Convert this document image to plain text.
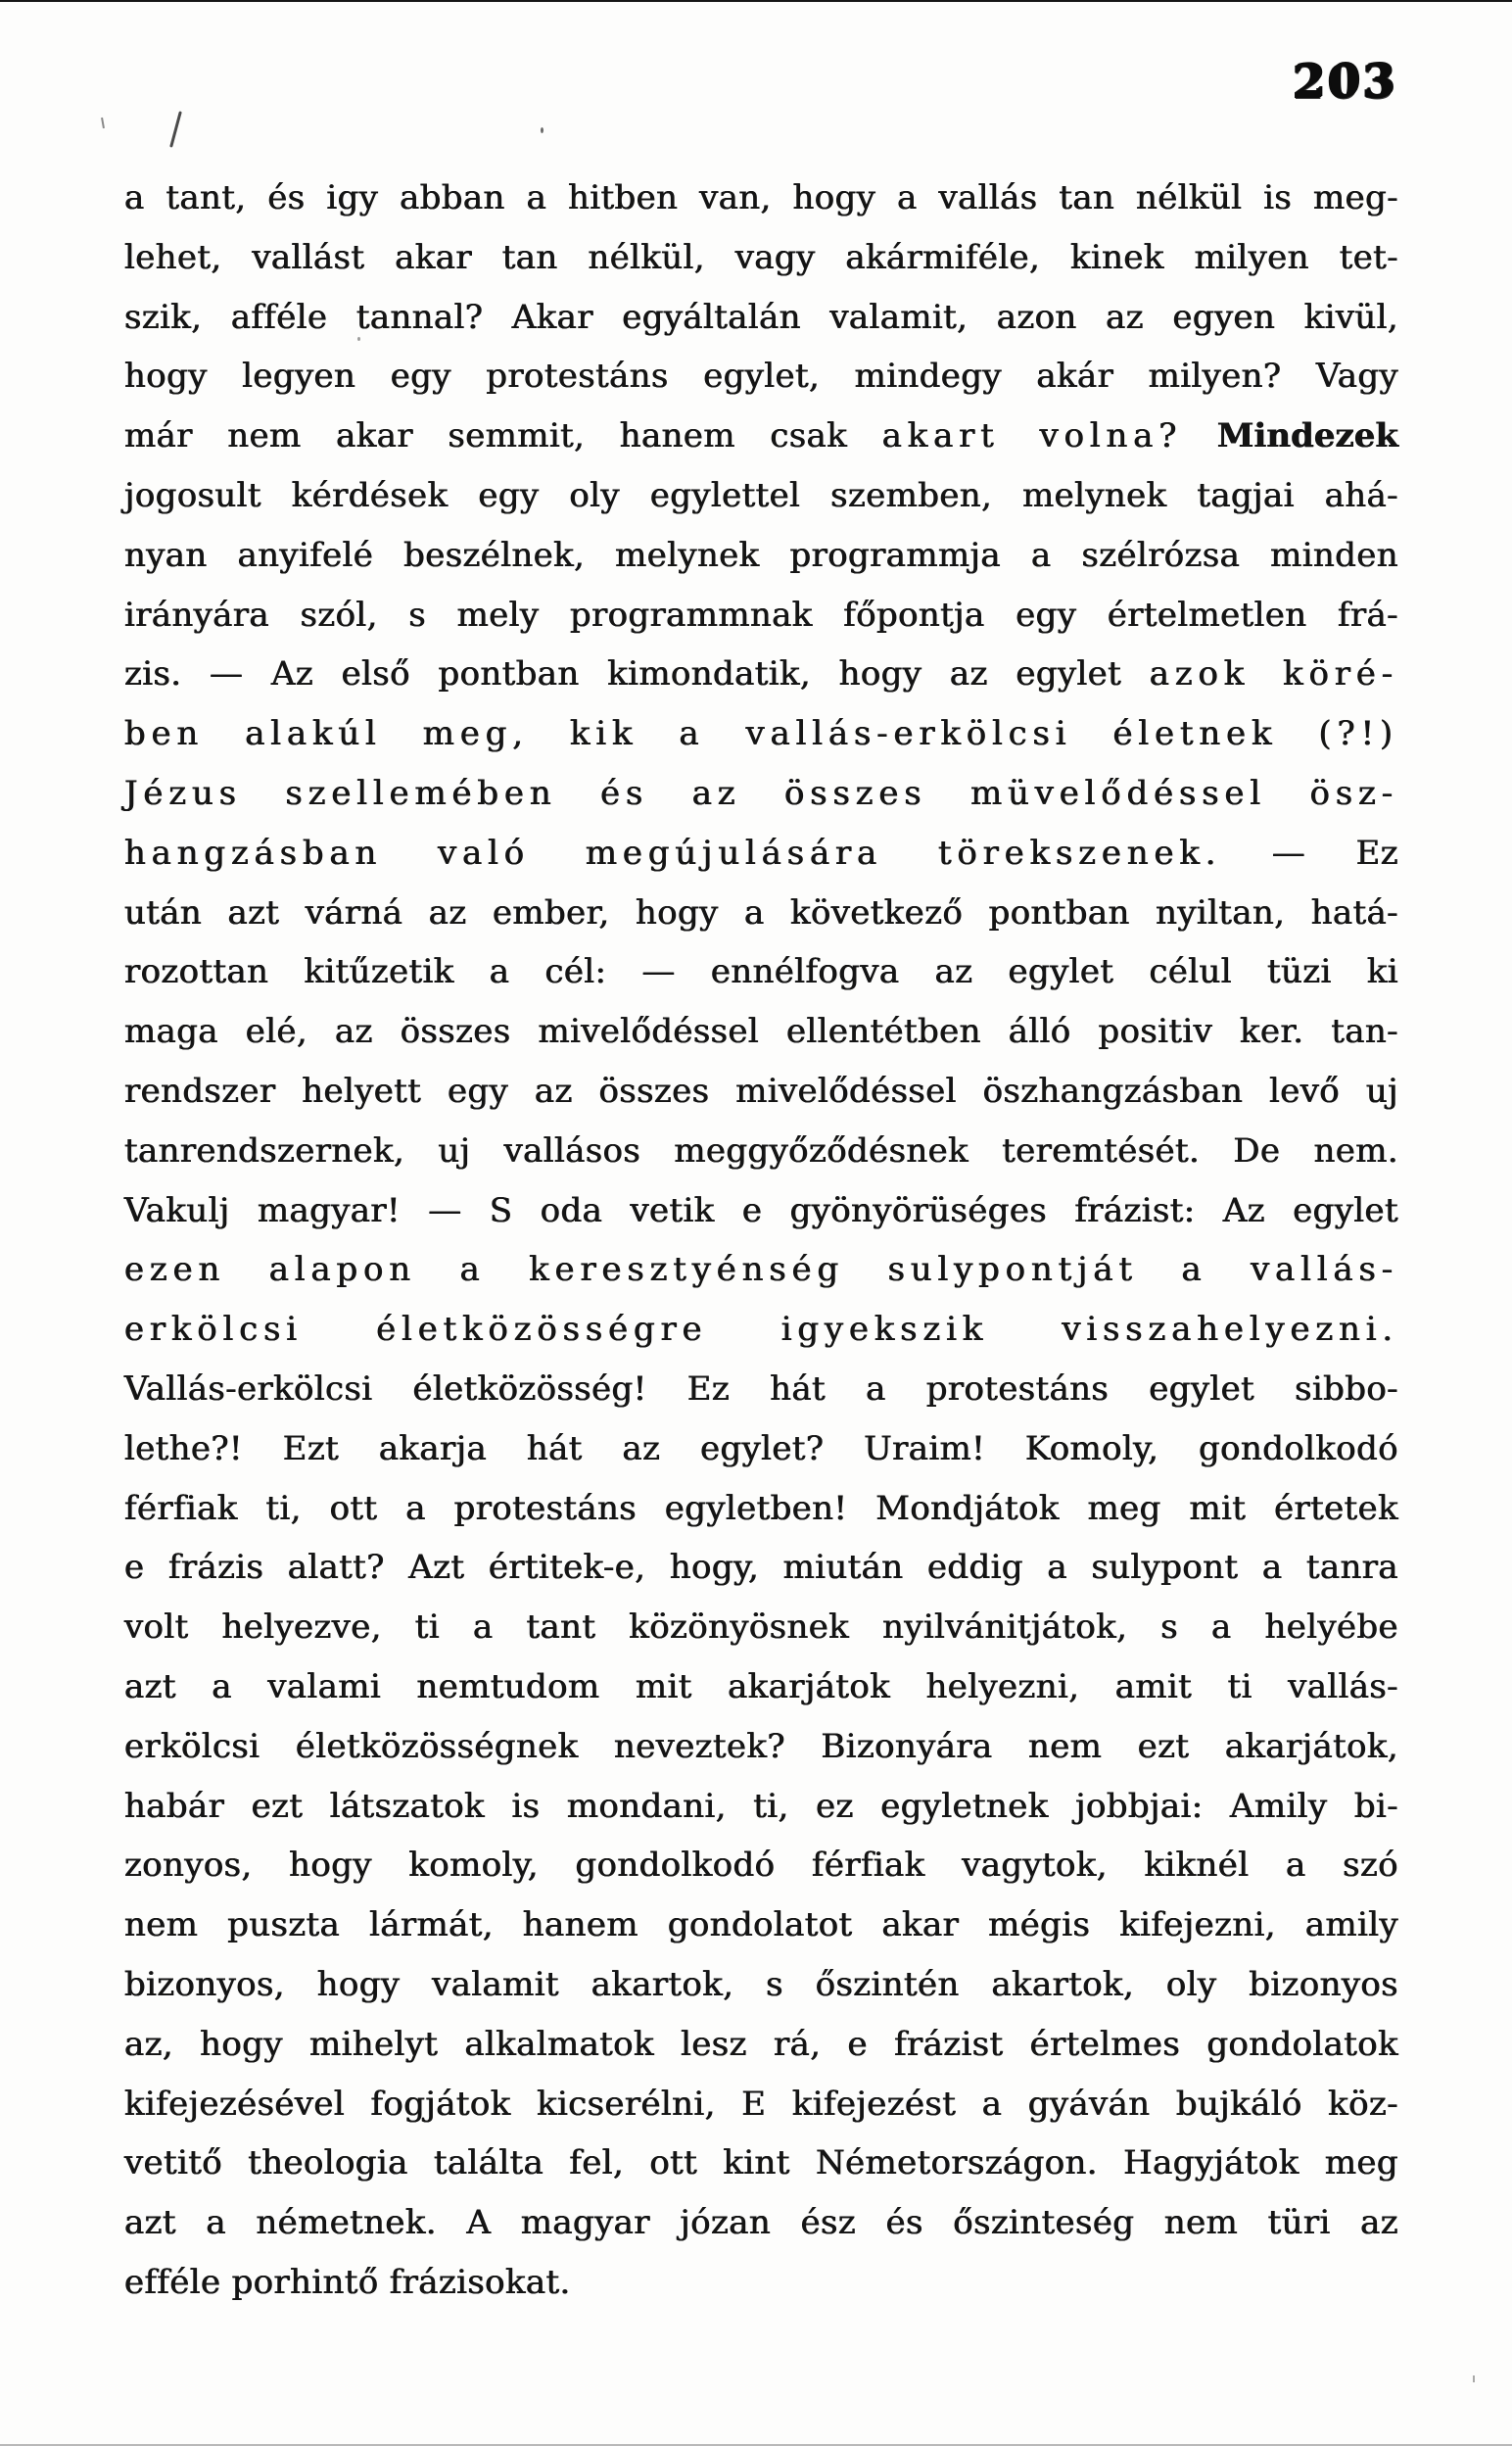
203
a tant, és igy abban a hitben van, hogy a vallás tan nélkül is meg-
lehet, vallást akar tan nélkül, vagy akármiféle, kinek milyen tet-
szik, afféle tannal? Akar egyáltalán valamit, azon az egyen kivül,
hogy legyen egy protestáns egylet, mindegy akár milyen? Vagy
már nem akar semmit, hanem csak akart volna? Mindezek
jogosult kérdések egy oly egylettel szemben, melynek tagjai ahá-
nyan anyifelé beszélnek, melynek programmja a szélrózsa minden
irányára szól, s mely programmnak főpontja egy értelmetlen frá-
zis. — Az első pontban kimondatik, hogy az egylet azok köré-
ben alakúl meg, kik a vallás-erkölcsi életnek (?!)
Jézus szellemében és az összes müvelődéssel ösz-
hangzásban való megújulására törekszenek. — Ez
után azt várná az ember, hogy a következő pontban nyiltan, hatá-
rozottan kitűzetik a cél: — ennélfogva az egylet célul tüzi ki
maga elé, az összes mivelődéssel ellentétben álló positiv ker. tan-
rendszer helyett egy az összes mivelődéssel öszhangzásban levő uj
tanrendszernek, uj vallásos meggyőződésnek teremtését. De nem.
Vakulj magyar! — S oda vetik e gyönyörüséges frázist: Az egylet
ezen alapon a keresztyénség sulypontját a vallás-
erkölcsi életközösségre igyekszik visszahelyezni.
Vallás-erkölcsi életközösség! Ez hát a protestáns egylet sibbo-
lethe?! Ezt akarja hát az egylet? Uraim! Komoly, gondolkodó
férfiak ti, ott a protestáns egyletben! Mondjátok meg mit értetek
e frázis alatt? Azt értitek-e, hogy, miután eddig a sulypont a tanra
volt helyezve, ti a tant közönyösnek nyilvánitjátok, s a helyébe
azt a valami nemtudom mit akarjátok helyezni, amit ti vallás-
erkölcsi életközösségnek neveztek? Bizonyára nem ezt akarjátok,
habár ezt látszatok is mondani, ti, ez egyletnek jobbjai: Amily bi-
zonyos, hogy komoly, gondolkodó férfiak vagytok, kiknél a szó
nem puszta lármát, hanem gondolatot akar mégis kifejezni, amily
bizonyos, hogy valamit akartok, s őszintén akartok, oly bizonyos
az, hogy mihelyt alkalmatok lesz rá, e frázist értelmes gondolatok
kifejezésével fogjátok kicserélni, E kifejezést a gyáván bujkáló köz-
vetitő theologia találta fel, ott kint Németországon. Hagyjátok meg
azt a németnek. A magyar józan ész és őszinteség nem türi az
efféle porhintő frázisokat.
